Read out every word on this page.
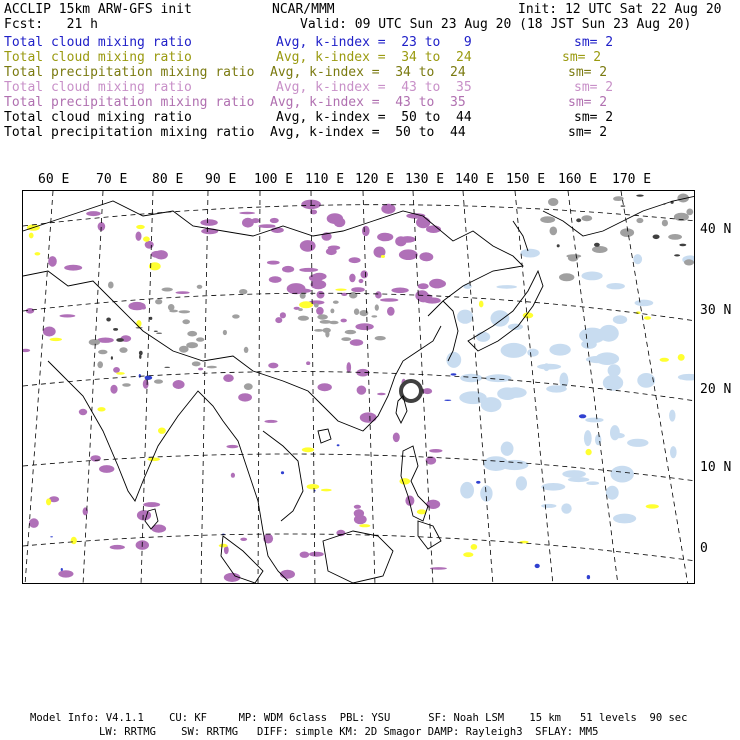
ACCLIP 15km ARW-GFS init	NCAR/MMM	Init: 12 UTC Sat 22 Aug 20
Fcst:   21 h	Valid: 09 UTC Sun 23 Aug 20 (18 JST Sun 23 Aug 20)
Total cloud mixing ratio	Avg, k-index =  23 to   9	sm= 2
Total cloud mixing ratio	Avg, k-index =  34 to  24	sm= 2
Total precipitation mixing ratio Avg, k-index =  34 to  24	sm= 2
Total cloud mixing ratio	Avg, k-index =  43 to  35	sm= 2
Total precipitation mixing ratio Avg, k-index =  43 to  35	sm= 2
Total cloud mixing ratio	Avg, k-index =  50 to  44	sm= 2
Total precipitation mixing ratio Avg, k-index =  50 to  44	sm= 2
60 E 70 E 80 E 90 E 100 E 110 E 120 E 130 E 140 E 150 E 160 E 170 E
40 N
30 N
20 N
10 N
0
Model Info: V4.1.1    CU: KF     MP: WDM 6class  PBL: YSU      SF: Noah LSM    15 km   51 levels  90 sec
LW: RRTMG    SW: RRTMG   DIFF: simple KM: 2D Smagor DAMP: Rayleigh3  SFLAY: MM5
